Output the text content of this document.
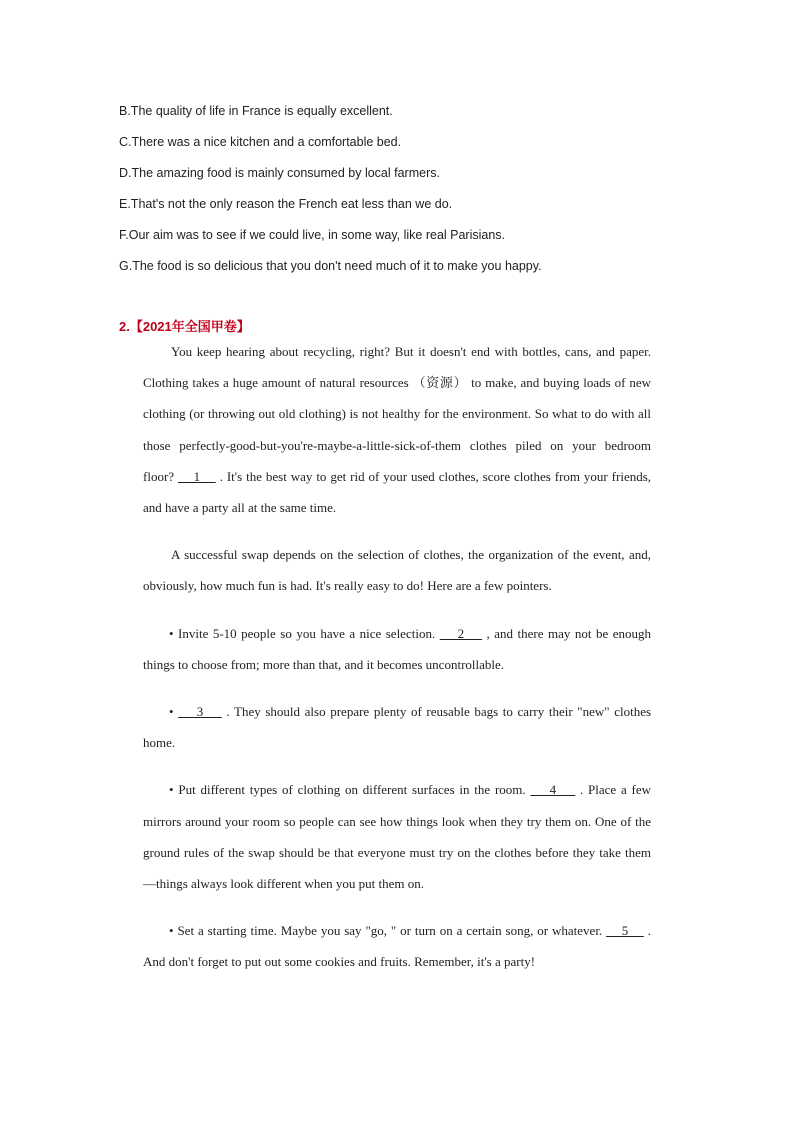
B.The quality of life in France is equally excellent.
C.There was a nice kitchen and a comfortable bed.
D.The amazing food is mainly consumed by local farmers.
E.That's not the only reason the French eat less than we do.
F.Our aim was to see if we could live, in some way, like real Parisians.
G.The food is so delicious that you don't need much of it to make you happy.
2.【2021年全国甲卷】

You keep hearing about recycling, right? But it doesn't end with bottles, cans, and paper. Clothing takes a huge amount of natural resources （资源） to make, and buying loads of new clothing (or throwing out old clothing) is not healthy for the environment. So what to do with all those perfectly-good-but-you're-maybe-a-little-sick-of-them clothes piled on your bedroom floor?     1     . It's the best way to get rid of your used clothes, score clothes from your friends, and have a party all at the same time.

A successful swap depends on the selection of clothes, the organization of the event, and, obviously, how much fun is had. It's really easy to do! Here are a few pointers.

• Invite 5-10 people so you have a nice selection.     2     , and there may not be enough things to choose from; more than that, and it becomes uncontrollable.

•     3     . They should also prepare plenty of reusable bags to carry their "new" clothes home.

• Put different types of clothing on different surfaces in the room.     4     . Place a few mirrors around your room so people can see how things look when they try them on. One of the ground rules of the swap should be that everyone must try on the clothes before they take them —things always look different when you put them on.

• Set a starting time. Maybe you say "go, " or turn on a certain song, or whatever.     5     . And don't forget to put out some cookies and fruits. Remember, it's a party!
